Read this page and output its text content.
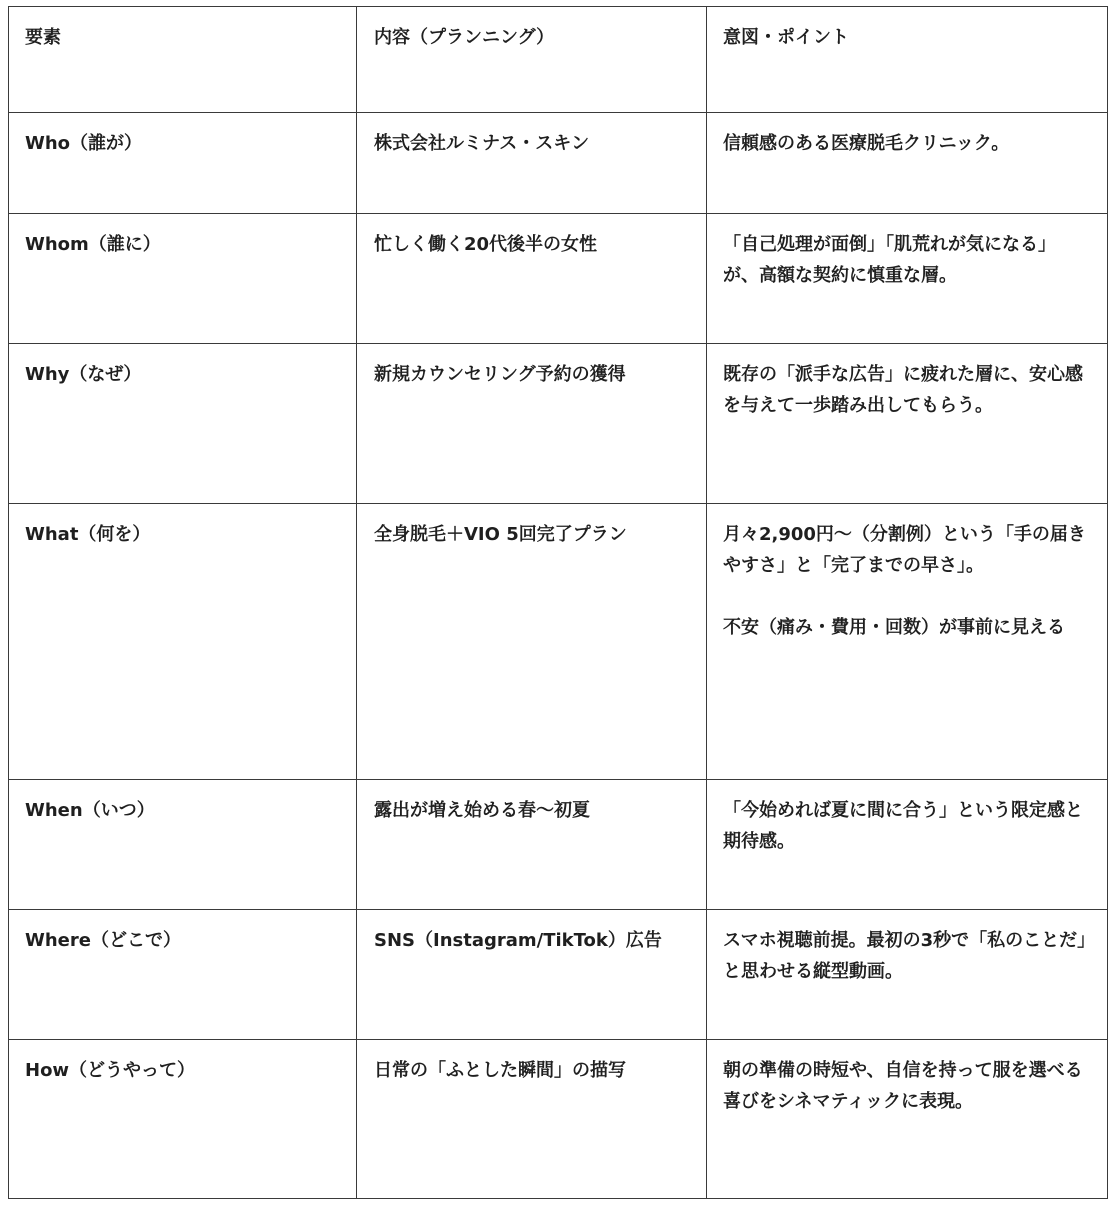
要素	内容（プランニング）	意図・ポイント
Who（誰が）	株式会社ルミナス・スキン	信頼感のある医療脱毛クリニック。

Whom（誰に）	忙しく働く20代後半の女性	「自己処理が面倒」「肌荒れが気になる」が、高額な契約に慎重な層。

Why（なぜ）	新規カウンセリング予約の獲得	既存の「派手な広告」に疲れた層に、安心感を与えて一歩踏み出してもらう。

What（何を）	全身脱毛＋VIO 5回完了プラン	月々2,900円〜（分割例）という「手の届きやすさ」と「完了までの早さ」。
不安（痛み・費用・回数）が事前に見える

When（いつ）	露出が増え始める春〜初夏	「今始めれば夏に間に合う」という限定感と期待感。

Where（どこで）	SNS（Instagram/TikTok）広告	スマホ視聴前提。最初の3秒で「私のことだ」と思わせる縦型動画。

How（どうやって）	日常の「ふとした瞬間」の描写	朝の準備の時短や、自信を持って服を選べる喜びをシネマティックに表現。
